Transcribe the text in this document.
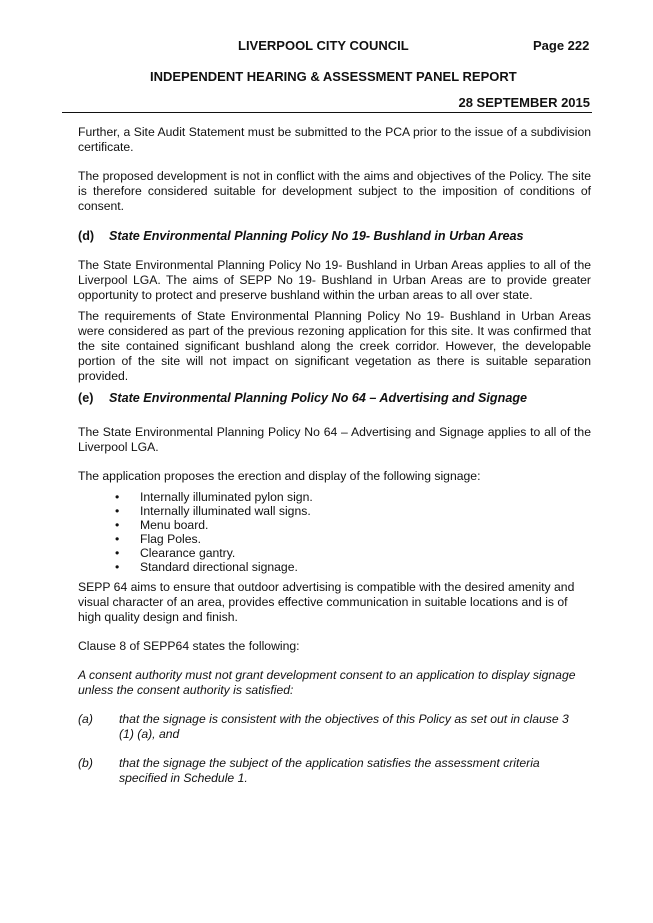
LIVERPOOL CITY COUNCIL	Page 222
INDEPENDENT HEARING & ASSESSMENT PANEL REPORT
28 SEPTEMBER 2015

Further, a Site Audit Statement must be submitted to the PCA prior to the issue of a subdivision certificate.

The proposed development is not in conflict with the aims and objectives of the Policy. The site is therefore considered suitable for development subject to the imposition of conditions of consent.

(d)	State Environmental Planning Policy No 19- Bushland in Urban Areas

The State Environmental Planning Policy No 19- Bushland in Urban Areas applies to all of the Liverpool LGA. The aims of SEPP No 19- Bushland in Urban Areas are to provide greater opportunity to protect and preserve bushland within the urban areas to all over state.

The requirements of State Environmental Planning Policy No 19- Bushland in Urban Areas were considered as part of the previous rezoning application for this site. It was confirmed that the site contained significant bushland along the creek corridor. However, the developable portion of the site will not impact on significant vegetation as there is suitable separation provided.

(e)	State Environmental Planning Policy No 64 – Advertising and Signage

The State Environmental Planning Policy No 64 – Advertising and Signage applies to all of the Liverpool LGA.

The application proposes the erection and display of the following signage:

• Internally illuminated pylon sign.
• Internally illuminated wall signs.
• Menu board.
• Flag Poles.
• Clearance gantry.
• Standard directional signage.

SEPP 64 aims to ensure that outdoor advertising is compatible with the desired amenity and visual character of an area, provides effective communication in suitable locations and is of high quality design and finish.

Clause 8 of SEPP64 states the following:

A consent authority must not grant development consent to an application to display signage unless the consent authority is satisfied:

(a)	that the signage is consistent with the objectives of this Policy as set out in clause 3 (1) (a), and
(b)	that the signage the subject of the application satisfies the assessment criteria specified in Schedule 1.
